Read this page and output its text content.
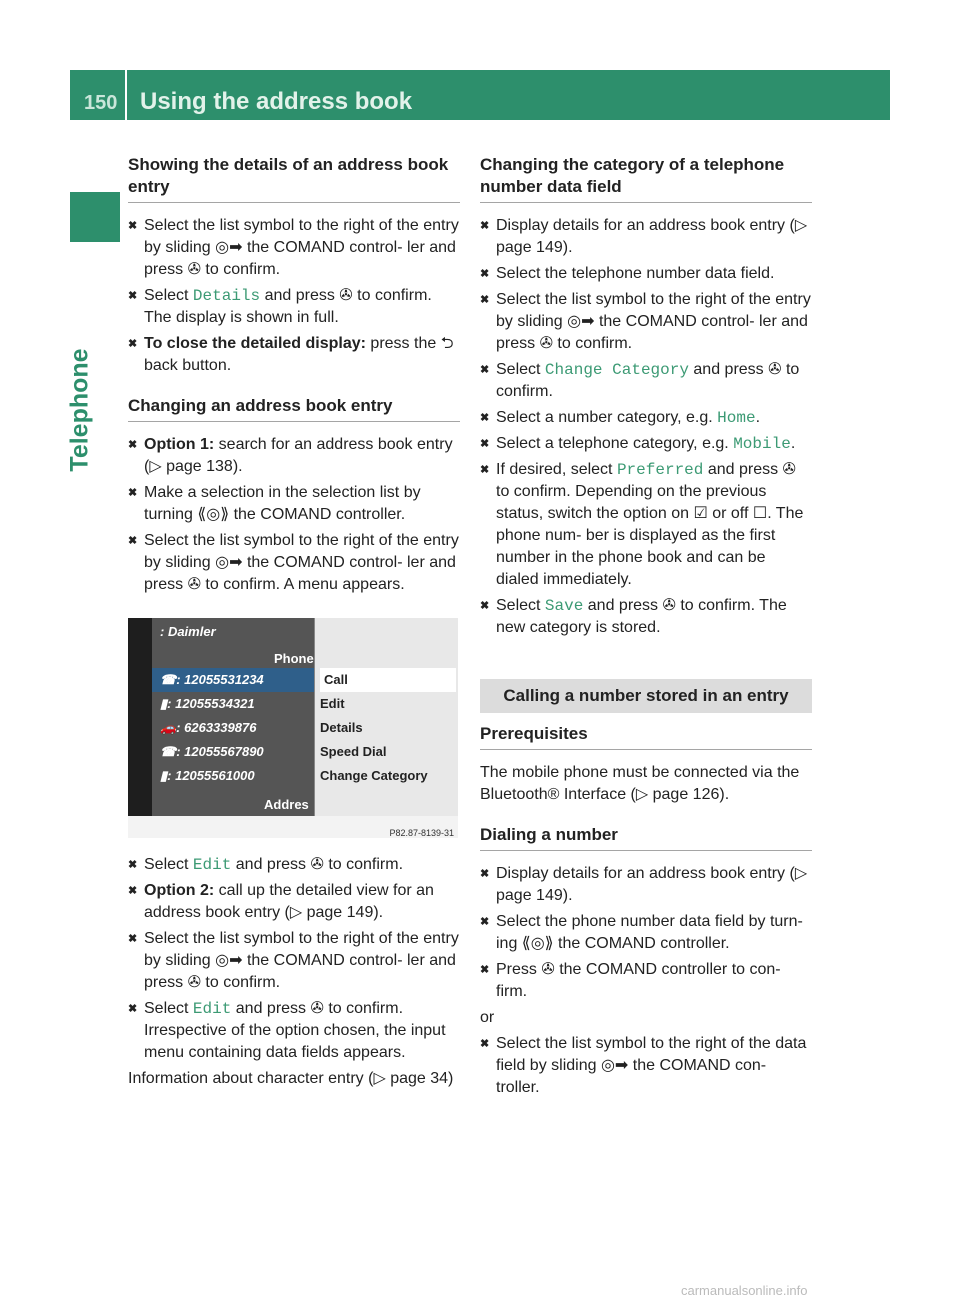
150 Using the address book
Telephone
Showing the details of an address book entry
✖ Select the list symbol to the right of the entry by sliding ◎➡ the COMAND control- ler and press ✇ to confirm.
✖ Select Details and press ✇ to confirm. The display is shown in full.
✖ To close the detailed display: press the ⮌ back button.
Changing an address book entry
✖ Option 1: search for an address book entry (▷ page 138).
✖ Make a selection in the selection list by turning ⟪◎⟫ the COMAND controller.
✖ Select the list symbol to the right of the entry by sliding ◎➡ the COMAND control- ler and press ✇ to confirm. A menu appears.
: Daimler
Phone
☎: 12055531234
▮: 12055534321
🚗: 6263339876
☎: 12055567890
▮: 12055561000
Addres
Call
Edit
Details
Speed Dial
Change Category
P82.87-8139-31
✖ Select Edit and press ✇ to confirm.
✖ Option 2: call up the detailed view for an address book entry (▷ page 149).
✖ Select the list symbol to the right of the entry by sliding ◎➡ the COMAND control- ler and press ✇ to confirm.
✖ Select Edit and press ✇ to confirm. Irrespective of the option chosen, the input menu containing data fields appears.
Information about character entry (▷ page 34)
Changing the category of a telephone number data field
✖ Display details for an address book entry (▷ page 149).
✖ Select the telephone number data field.
✖ Select the list symbol to the right of the entry by sliding ◎➡ the COMAND control- ler and press ✇ to confirm.
✖ Select Change Category and press ✇ to confirm.
✖ Select a number category, e.g. Home.
✖ Select a telephone category, e.g. Mobile.
✖ If desired, select Preferred and press ✇ to confirm. Depending on the previous status, switch the option on ☑ or off ☐. The phone num- ber is displayed as the first number in the phone book and can be dialed immediately.
✖ Select Save and press ✇ to confirm. The new category is stored.
Calling a number stored in an entry
Prerequisites
The mobile phone must be connected via the Bluetooth® Interface (▷ page 126).
Dialing a number
✖ Display details for an address book entry (▷ page 149).
✖ Select the phone number data field by turn- ing ⟪◎⟫ the COMAND controller.
✖ Press ✇ the COMAND controller to con- firm.
or
✖ Select the list symbol to the right of the data field by sliding ◎➡ the COMAND con- troller.
carmanualsonline.info
